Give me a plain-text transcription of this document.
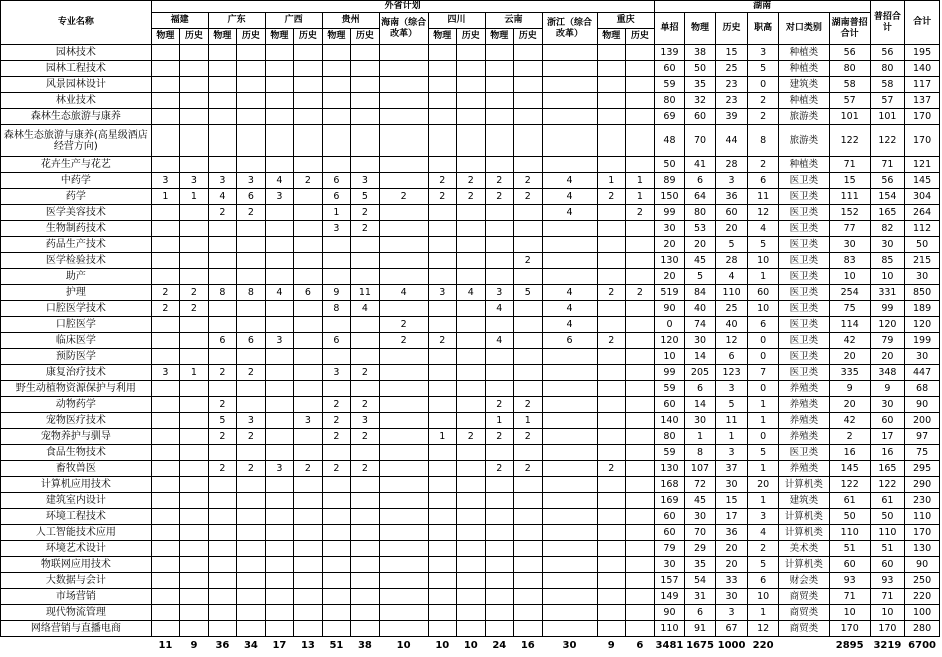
专业名称	外省计划																湖南						普招合计	合计
	福建		广东		广西		贵州		海南（综合改革）	四川		云南		浙江（综合改革）	重庆		单招	物理	历史	职高	对口类别	湖南普招合计		
	物理	历史	物理	历史	物理	历史	物理	历史		物理	历史	物理	历史		物理	历史								
园林技术																	139	38	15	3	种植类	56	56	195
园林工程技术																	60	50	25	5	种植类	80	80	140
风景园林设计																	59	35	23	0	建筑类	58	58	117
林业技术																	80	32	23	2	种植类	57	57	137
森林生态旅游与康养																	69	60	39	2	旅游类	101	101	170
森林生态旅游与康养(高星级酒店经营方向)																	48	70	44	8	旅游类	122	122	170
花卉生产与花艺																	50	41	28	2	种植类	71	71	121
中药学	3	3	3	3	4	2	6	3		2	2	2	2	4	1	1	89	6	3	6	医卫类	15	56	145
药学	1	1	4	6	3		6	5	2	2	2	2	2	4	2	1	150	64	36	11	医卫类	111	154	304
医学美容技术			2	2			1	2						4		2	99	80	60	12	医卫类	152	165	264
生物制药技术							3	2									30	53	20	4	医卫类	77	82	112
药品生产技术																	20	20	5	5	医卫类	30	30	50
医学检验技术													2				130	45	28	10	医卫类	83	85	215
助产																	20	5	4	1	医卫类	10	10	30
护理	2	2	8	8	4	6	9	11	4	3	4	3	5	4	2	2	519	84	110	60	医卫类	254	331	850
口腔医学技术	2	2					8	4				4		4			90	40	25	10	医卫类	75	99	189
口腔医学									2					4			0	74	40	6	医卫类	114	120	120
临床医学			6	6	3		6		2	2		4		6	2		120	30	12	0	医卫类	42	79	199
预防医学																	10	14	6	0	医卫类	20	20	30
康复治疗技术	3	1	2	2			3	2									99	205	123	7	医卫类	335	348	447
野生动植物资源保护与利用																	59	6	3	0	养殖类	9	9	68
动物药学			2				2	2				2	2				60	14	5	1	养殖类	20	30	90
宠物医疗技术			5	3		3	2	3				1	1				140	30	11	1	养殖类	42	60	200
宠物养护与驯导			2	2			2	2		1	2	2	2				80	1	1	0	养殖类	2	17	97
食品生物技术																	59	8	3	5	医卫类	16	16	75
畜牧兽医			2	2	3	2	2	2				2	2		2		130	107	37	1	养殖类	145	165	295
计算机应用技术																	168	72	30	20	计算机类	122	122	290
建筑室内设计																	169	45	15	1	建筑类	61	61	230
环境工程技术																	60	30	17	3	计算机类	50	50	110
人工智能技术应用																	60	70	36	4	计算机类	110	110	170
环境艺术设计																	79	29	20	2	美术类	51	51	130
物联网应用技术																	30	35	20	5	计算机类	60	60	90
大数据与会计																	157	54	33	6	财会类	93	93	250
市场营销																	149	31	30	10	商贸类	71	71	220
现代物流管理																	90	6	3	1	商贸类	10	10	100
网络营销与直播电商																	110	91	67	12	商贸类	170	170	280
	11	9	36	34	17	13	51	38	10	10	10	24	16	30	9	6	3481	1675	1000	220		2895	3219	6700
